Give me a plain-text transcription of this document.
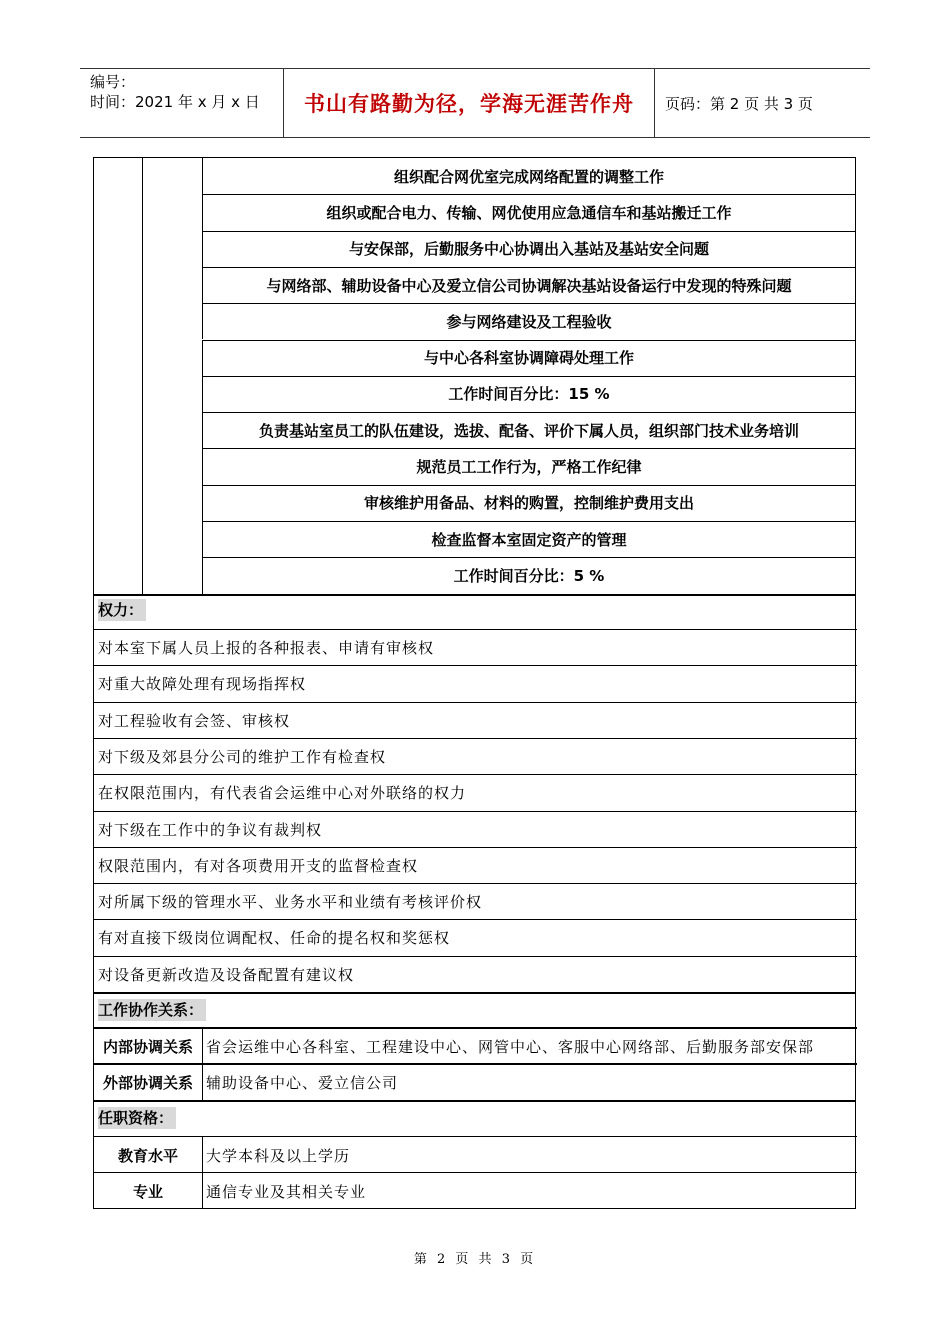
编号：
时间：2021 年 x 月 x 日 书山有路勤为径，学海无涯苦作舟	页码：第 2 页 共 3 页
组织配合网优室完成网络配置的调整工作
组织或配合电力、传输、网优使用应急通信车和基站搬迁工作
与安保部，后勤服务中心协调出入基站及基站安全问题
与网络部、辅助设备中心及爱立信公司协调解决基站设备运行中发现的特殊问题
参与网络建设及工程验收
与中心各科室协调障碍处理工作
工作时间百分比：15 %
负责基站室员工的队伍建设，选拔、配备、评价下属人员，组织部门技术业务培训
规范员工工作行为，严格工作纪律
审核维护用备品、材料的购置，控制维护费用支出
检查监督本室固定资产的管理
工作时间百分比：5 %
权力：
对本室下属人员上报的各种报表、申请有审核权
对重大故障处理有现场指挥权
对工程验收有会签、审核权
对下级及郊县分公司的维护工作有检查权
在权限范围内，有代表省会运维中心对外联络的权力
对下级在工作中的争议有裁判权
权限范围内，有对各项费用开支的监督检查权
对所属下级的管理水平、业务水平和业绩有考核评价权
有对直接下级岗位调配权、任命的提名权和奖惩权
对设备更新改造及设备配置有建议权
工作协作关系：
内部协调关系 省会运维中心各科室、工程建设中心、网管中心、客服中心网络部、后勤服务部安保部
外部协调关系 辅助设备中心、爱立信公司
任职资格：
教育水平	大学本科及以上学历
专业	通信专业及其相关专业
第 2 页 共 3 页
